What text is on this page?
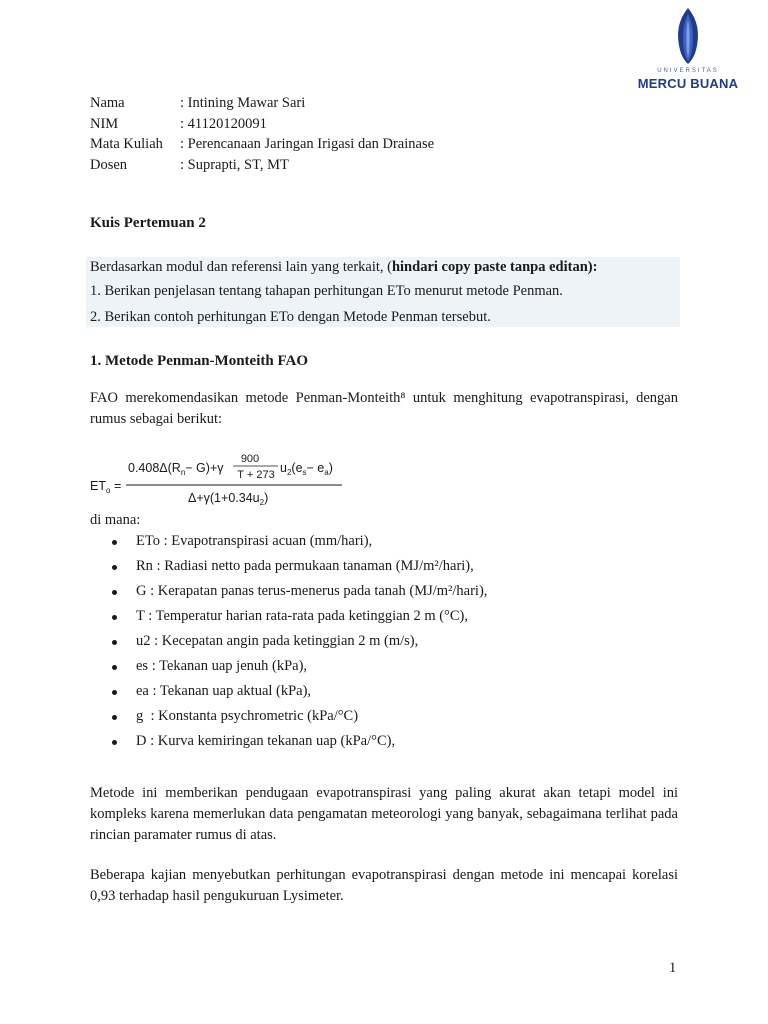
UNIVERSITAS
MERCU BUANA
Nama	: Intining Mawar Sari
NIM	: 41120120091
Mata Kuliah	: Perencanaan Jaringan Irigasi dan Drainase
Dosen	: Suprapti, ST, MT
Kuis Pertemuan 2
Berdasarkan modul dan referensi lain yang terkait, (hindari copy paste tanpa editan):
1. Berikan penjelasan tentang tahapan perhitungan ETo menurut metode Penman.
2. Berikan contoh perhitungan ETo dengan Metode Penman tersebut.
1. Metode Penman-Monteith FAO
FAO merekomendasikan metode Penman-Monteith⁸ untuk menghitung evapotranspirasi, dengan rumus sebagai berikut:
$ET_o$ =
$0.408\Delta(R_n- G)+\gamma$
900
T + 273 $u_2(e_s- e_a)$
$\Delta+\gamma(1+0.34u_2)$
di mana:
ETo : Evapotranspirasi acuan (mm/hari),
Rn : Radiasi netto pada permukaan tanaman (MJ/m²/hari),
G : Kerapatan panas terus-menerus pada tanah (MJ/m²/hari),
T : Temperatur harian rata-rata pada ketinggian 2 m (°C),
u2 : Kecepatan angin pada ketinggian 2 m (m/s),
es : Tekanan uap jenuh (kPa),
ea : Tekanan uap aktual (kPa),
g  : Konstanta psychrometric (kPa/°C)
D : Kurva kemiringan tekanan uap (kPa/°C),
Metode ini memberikan pendugaan evapotranspirasi yang paling akurat akan tetapi model ini kompleks karena memerlukan data pengamatan meteorologi yang banyak, sebagaimana terlihat pada rincian paramater rumus di atas.
Beberapa kajian menyebutkan perhitungan evapotranspirasi dengan metode ini mencapai korelasi 0,93 terhadap hasil pengukuruan Lysimeter.
1
